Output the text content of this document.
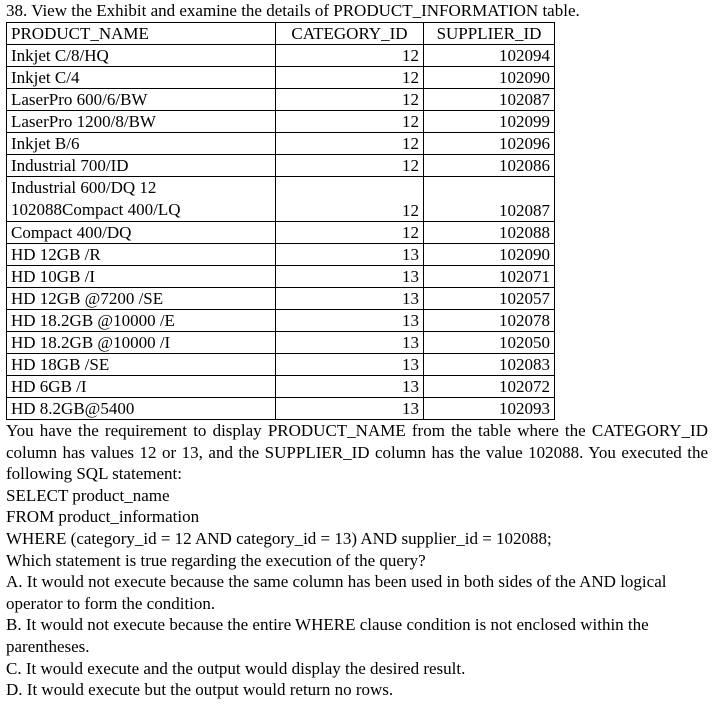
38. View the Exhibit and examine the details of PRODUCT_INFORMATION table.
PRODUCT_NAME	CATEGORY_ID	SUPPLIER_ID
Inkjet C/8/HQ	12	102094
Inkjet C/4	12	102090
LaserPro 600/6/BW	12	102087
LaserPro 1200/8/BW	12	102099
Inkjet B/6	12	102096
Industrial 700/ID	12	102086
Industrial 600/DQ 12
102088Compact 400/LQ	12	102087
Compact 400/DQ	12	102088
HD 12GB /R	13	102090
HD 10GB /I	13	102071
HD 12GB @7200 /SE	13	102057
HD 18.2GB @10000 /E	13	102078
HD 18.2GB @10000 /I	13	102050
HD 18GB /SE	13	102083
HD 6GB /I	13	102072
HD 8.2GB@5400	13	102093
You have the requirement to display PRODUCT_NAME from the table where the CATEGORY_ID column has values 12 or 13, and the SUPPLIER_ID column has the value 102088. You executed the following SQL statement:
SELECT product_name
FROM product_information
WHERE (category_id = 12 AND category_id = 13) AND supplier_id = 102088;
Which statement is true regarding the execution of the query?
A. It would not execute because the same column has been used in both sides of the AND logical operator to form the condition.
B. It would not execute because the entire WHERE clause condition is not enclosed within the parentheses.
C. It would execute and the output would display the desired result.
D. It would execute but the output would return no rows.
